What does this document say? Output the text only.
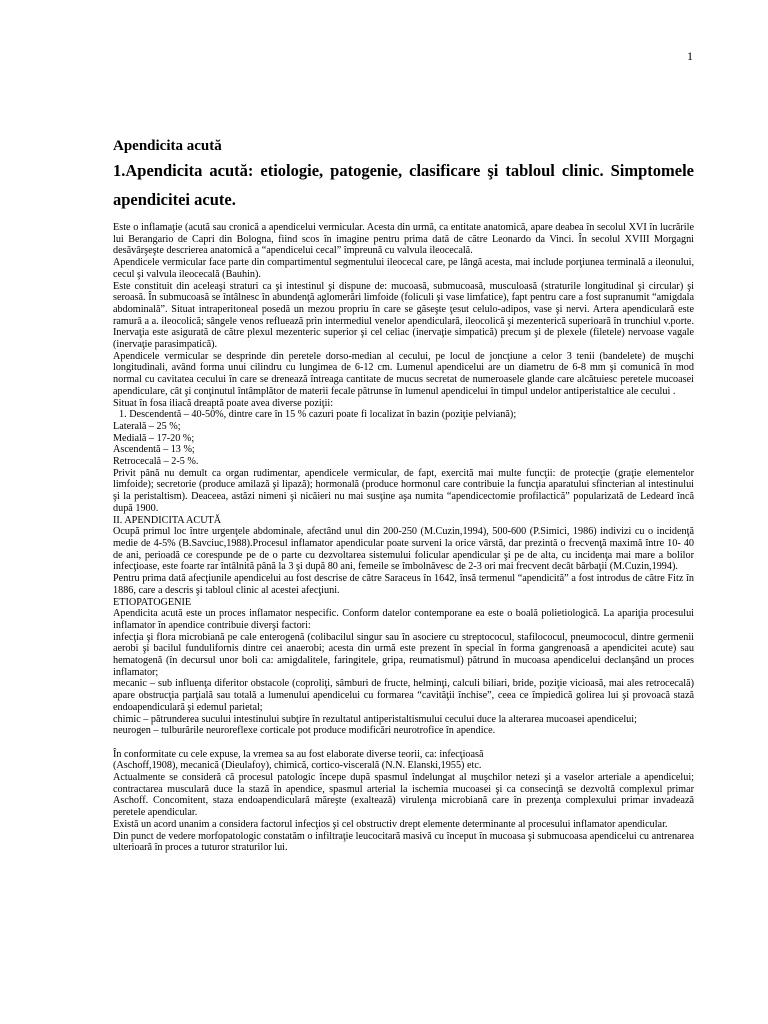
1
Apendicita acută
1.Apendicita acută: etiologie, patogenie, clasificare şi tabloul clinic. Simptomele apendicitei acute.

Este o inflamaţie (acută sau cronică a apendicelui vermicular. Acesta din urmă, ca entitate anatomică, apare deabea în secolul XVI în lucrările lui Berangario de Capri din Bologna, fiind scos în imagine pentru prima dată de către Leonardo da Vinci. În secolul XVIII Morgagni desăvârşeşte descrierea anatomică a “apendicelui cecal” împreună cu valvula ileocecală.

Apendicele vermicular face parte din compartimentul segmentului ileocecal care, pe lângă acesta, mai include porţiunea terminală a ileonului, cecul şi valvula ileocecală (Bauhin).

Este constituit din aceleaşi straturi ca şi intestinul şi dispune de: mucoasă, submucoasă, musculoasă (straturile longitudinal şi circular) şi seroasă. În submucoasă se întâlnesc în abundenţă aglomerări limfoide (foliculi şi vase limfatice), fapt pentru care a fost supranumit “amigdala abdominală”. Situat intraperitoneal posedă un mezou propriu în care se găseşte ţesut celulo-adipos, vase şi nervi. Artera apendiculară este ramură a a. ileocolică; sângele venos refluează prin intermediul venelor apendiculară, ileocolică şi mezenterică superioară în trunchiul v.porte. Inervaţia este asigurată de către plexul mezenteric superior şi cel celiac (inervaţie simpatică) precum şi de plexele (filetele) nervoase vagale (inervaţie parasimpatică).

Apendicele vermicular se desprinde din peretele dorso-median al cecului, pe locul de joncţiune a celor 3 tenii (bandelete) de muşchi longitudinali, având forma unui cilindru cu lungimea de 6-12 cm. Lumenul apendicelui are un diametru de 6-8 mm şi comunică în mod normal cu cavitatea cecului în care se drenează întreaga cantitate de mucus secretat de numeroasele glande care alcătuiesc peretele mucoasei apendiculare, cât şi conţinutul întâmplător de materii fecale pătrunse în lumenul apendicelui în timpul undelor antiperistaltice ale cecului .

Situat în fosa iliacă dreaptă poate avea diverse poziţii:

1. Descendentă – 40-50%, dintre care în 15 % cazuri poate fi localizat în bazin (poziţie pelviană);

Laterală – 25 %;

Medială – 17-20 %;

Ascendentă – 13 %;

Retrocecală – 2-5 %.

Privit până nu demult ca organ rudimentar, apendicele vermicular, de fapt, exercită mai multe funcţii: de protecţie (graţie elementelor limfoide); secretorie (produce amilază şi lipază); hormonală (produce hormonul care contribuie la funcţia aparatului sfincterian al intestinului şi la peristaltism). Deaceea, astăzi nimeni şi nicăieri nu mai susţine aşa numita “apendicectomie profilactică” popularizată de Ledeard încă după 1900.

II. APENDICITA ACUTĂ

Ocupă primul loc între urgenţele abdominale, afectând unul din 200-250 (M.Cuzin,1994), 500-600 (P.Simici, 1986) indivizi cu o incidenţă medie de 4-5% (B.Savciuc,1988).Procesul inflamator apendicular poate surveni la orice vârstă, dar prezintă o frecvenţă maximă între 10- 40 de ani, perioadă ce corespunde pe de o parte cu dezvoltarea sistemului folicular apendicular şi pe de alta, cu incidenţa mai mare a bolilor infecţioase, este foarte rar întâlnită până la 3 şi după 80 ani, femeile se îmbolnăvesc de 2-3 ori mai frecvent decât bărbaţii (M.Cuzin,1994).

Pentru prima dată afecţiunile apendicelui au fost descrise de către Saraceus în 1642, însă termenul “apendicită” a fost introdus de către Fitz în 1886, care a descris şi tabloul clinic al acestei afecţiuni.

ETIOPATOGENIE

Apendicita acută este un proces inflamator nespecific. Conform datelor contemporane ea este o boală polietiologică. La apariţia procesului inflamator în apendice contribuie diverşi factori:

infecţia şi flora microbiană pe cale enterogenă (colibacilul singur sau în asociere cu streptococul, stafilococul, pneumococul, dintre germenii aerobi şi bacilul fundulifornis dintre cei anaerobi; acesta din urmă este prezent în special în forma gangrenoasă a apendicitei acute) sau hematogenă (în decursul unor boli ca: amigdalitele, faringitele, gripa, reumatismul) pătrund în mucoasa apendicelui declanşând un proces inflamator;

mecanic – sub influenţa diferitor obstacole (coproliţi, sâmburi de fructe, helminţi, calculi biliari, bride, poziţie vicioasă, mai ales retrocecală) apare obstrucţia parţială sau totală a lumenului apendicelui cu formarea “cavităţii închise”, ceea ce împiedică golirea lui şi provoacă stază endoapendiculară şi edemul parietal;

chimic – pătrunderea sucului intestinului subţire în rezultatul antiperistaltismului cecului duce la alterarea mucoasei apendicelui;

neurogen – tulburările neuroreflexe corticale pot produce modificări neurotrofice în apendice.

În conformitate cu cele expuse, la vremea sa au fost elaborate diverse teorii, ca: infecţioasă

(Aschoff,1908), mecanică (Dieulafoy), chimică, cortico-viscerală (N.N. Elanski,1955) etc.

Actualmente se consideră că procesul patologic începe după spasmul îndelungat al muşchilor netezi şi a vaselor arteriale a apendicelui; contractarea musculară duce la stază în apendice, spasmul arterial la ischemia mucoasei şi ca consecinţă se dezvoltă complexul primar Aschoff. Concomitent, staza endoapendiculară măreşte (exaltează) virulenţa microbiană care în prezenţa complexului primar invadează peretele apendicular.

Există un acord unanim a considera factorul infecţios şi cel obstructiv drept elemente determinante al procesului inflamator apendicular.

Din punct de vedere morfopatologic constatăm o infiltraţie leucocitară masivă cu început în mucoasa şi submucoasa apendicelui cu antrenarea ulterioară în proces a tuturor straturilor lui.
